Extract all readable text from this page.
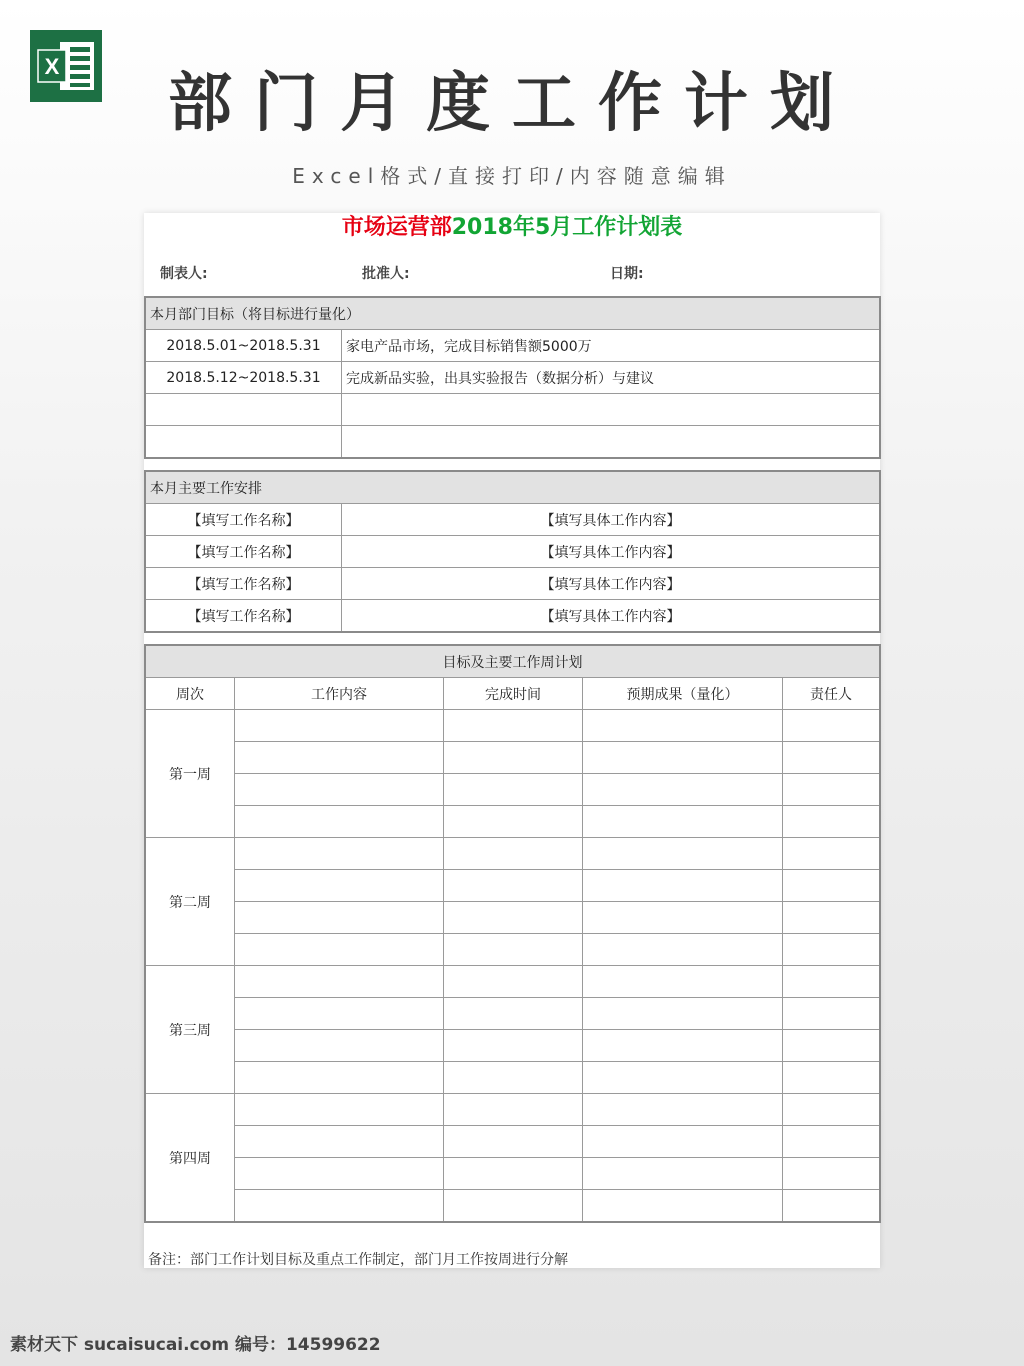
X
部门月度工作计划
Excel格式/直接打印/内容随意编辑
市场运营部2018年5月工作计划表
制表人:	批准人:	日期:
本月部门目标（将目标进行量化）	
2018.5.01~2018.5.31	家电产品市场，完成目标销售额5000万
2018.5.12~2018.5.31	完成新品实验，出具实验报告（数据分析）与建议

本月主要工作安排	
【填写工作名称】	【填写具体工作内容】
【填写工作名称】	【填写具体工作内容】
【填写工作名称】	【填写具体工作内容】
【填写工作名称】	【填写具体工作内容】
目标及主要工作周计划				
周次	工作内容	完成时间	预期成果（量化）	责任人
第一周				

第二周				

第三周				

第四周				

备注：部门工作计划目标及重点工作制定，部门月工作按周进行分解
素材天下 sucaisucai.com 编号：14599622
